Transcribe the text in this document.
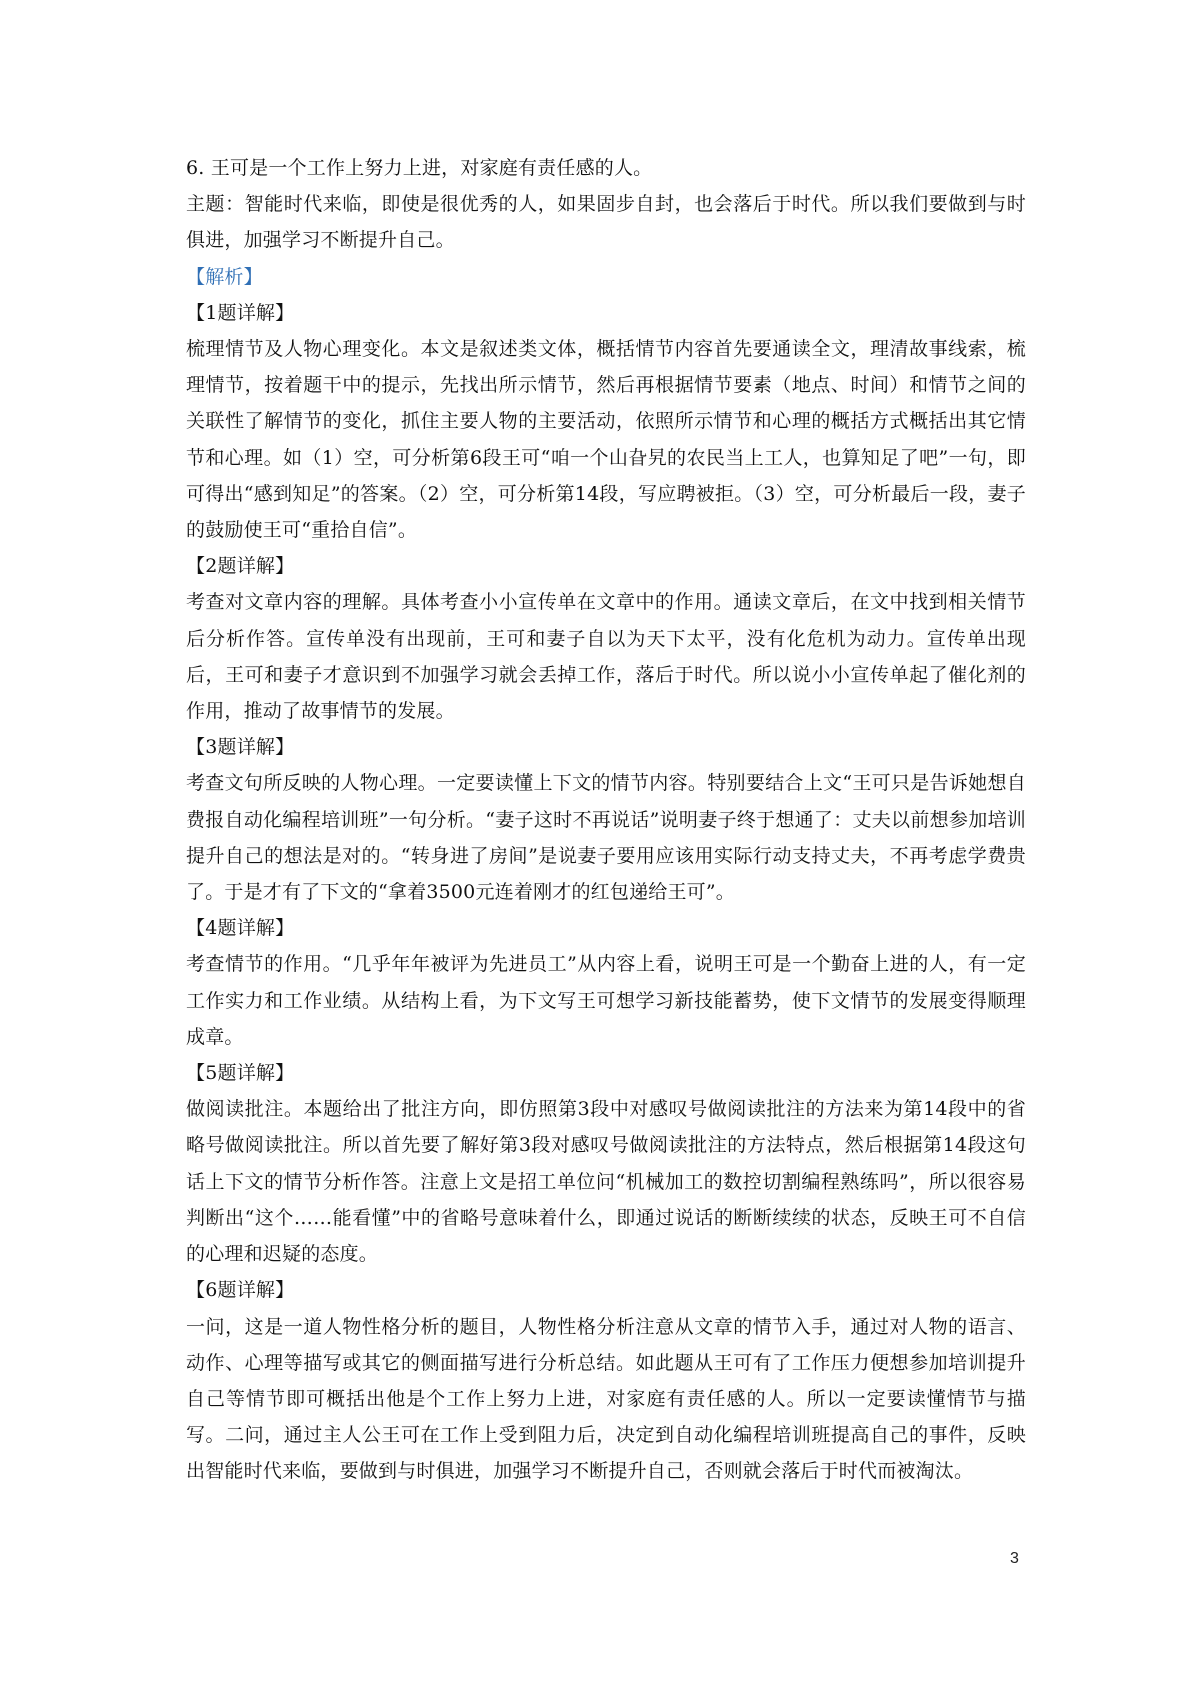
6. 王可是一个工作上努力上进，对家庭有责任感的人。

主题：智能时代来临，即使是很优秀的人，如果固步自封，也会落后于时代。所以我们要做到与时俱进，加强学习不断提升自己。

【解析】

【1题详解】

梳理情节及人物心理变化。本文是叙述类文体，概括情节内容首先要通读全文，理清故事线索，梳理情节，按着题干中的提示，先找出所示情节，然后再根据情节要素（地点、时间）和情节之间的关联性了解情节的变化，抓住主要人物的主要活动，依照所示情节和心理的概括方式概括出其它情节和心理。如（1）空，可分析第6段王可“咱一个山旮旯的农民当上工人，也算知足了吧”一句，即可得出“感到知足”的答案。（2）空，可分析第14段，写应聘被拒。（3）空，可分析最后一段，妻子的鼓励使王可“重拾自信”。

【2题详解】

考查对文章内容的理解。具体考查小小宣传单在文章中的作用。通读文章后，在文中找到相关情节后分析作答。宣传单没有出现前，王可和妻子自以为天下太平，没有化危机为动力。宣传单出现后，王可和妻子才意识到不加强学习就会丢掉工作，落后于时代。所以说小小宣传单起了催化剂的作用，推动了故事情节的发展。

【3题详解】

考查文句所反映的人物心理。一定要读懂上下文的情节内容。特别要结合上文“王可只是告诉她想自费报自动化编程培训班”一句分析。“妻子这时不再说话”说明妻子终于想通了：丈夫以前想参加培训提升自己的想法是对的。“转身进了房间”是说妻子要用应该用实际行动支持丈夫，不再考虑学费贵了。于是才有了下文的“拿着3500元连着刚才的红包递给王可”。

【4题详解】

考查情节的作用。“几乎年年被评为先进员工”从内容上看，说明王可是一个勤奋上进的人，有一定工作实力和工作业绩。从结构上看，为下文写王可想学习新技能蓄势，使下文情节的发展变得顺理成章。

【5题详解】

做阅读批注。本题给出了批注方向，即仿照第3段中对感叹号做阅读批注的方法来为第14段中的省略号做阅读批注。所以首先要了解好第3段对感叹号做阅读批注的方法特点，然后根据第14段这句话上下文的情节分析作答。注意上文是招工单位问“机械加工的数控切割编程熟练吗”，所以很容易判断出“这个……能看懂”中的省略号意味着什么，即通过说话的断断续续的状态，反映王可不自信的心理和迟疑的态度。

【6题详解】

一问，这是一道人物性格分析的题目，人物性格分析注意从文章的情节入手，通过对人物的语言、动作、心理等描写或其它的侧面描写进行分析总结。如此题从王可有了工作压力便想参加培训提升自己等情节即可概括出他是个工作上努力上进，对家庭有责任感的人。所以一定要读懂情节与描写。二问，通过主人公王可在工作上受到阻力后，决定到自动化编程培训班提高自己的事件，反映出智能时代来临，要做到与时俱进，加强学习不断提升自己，否则就会落后于时代而被淘汰。

3
